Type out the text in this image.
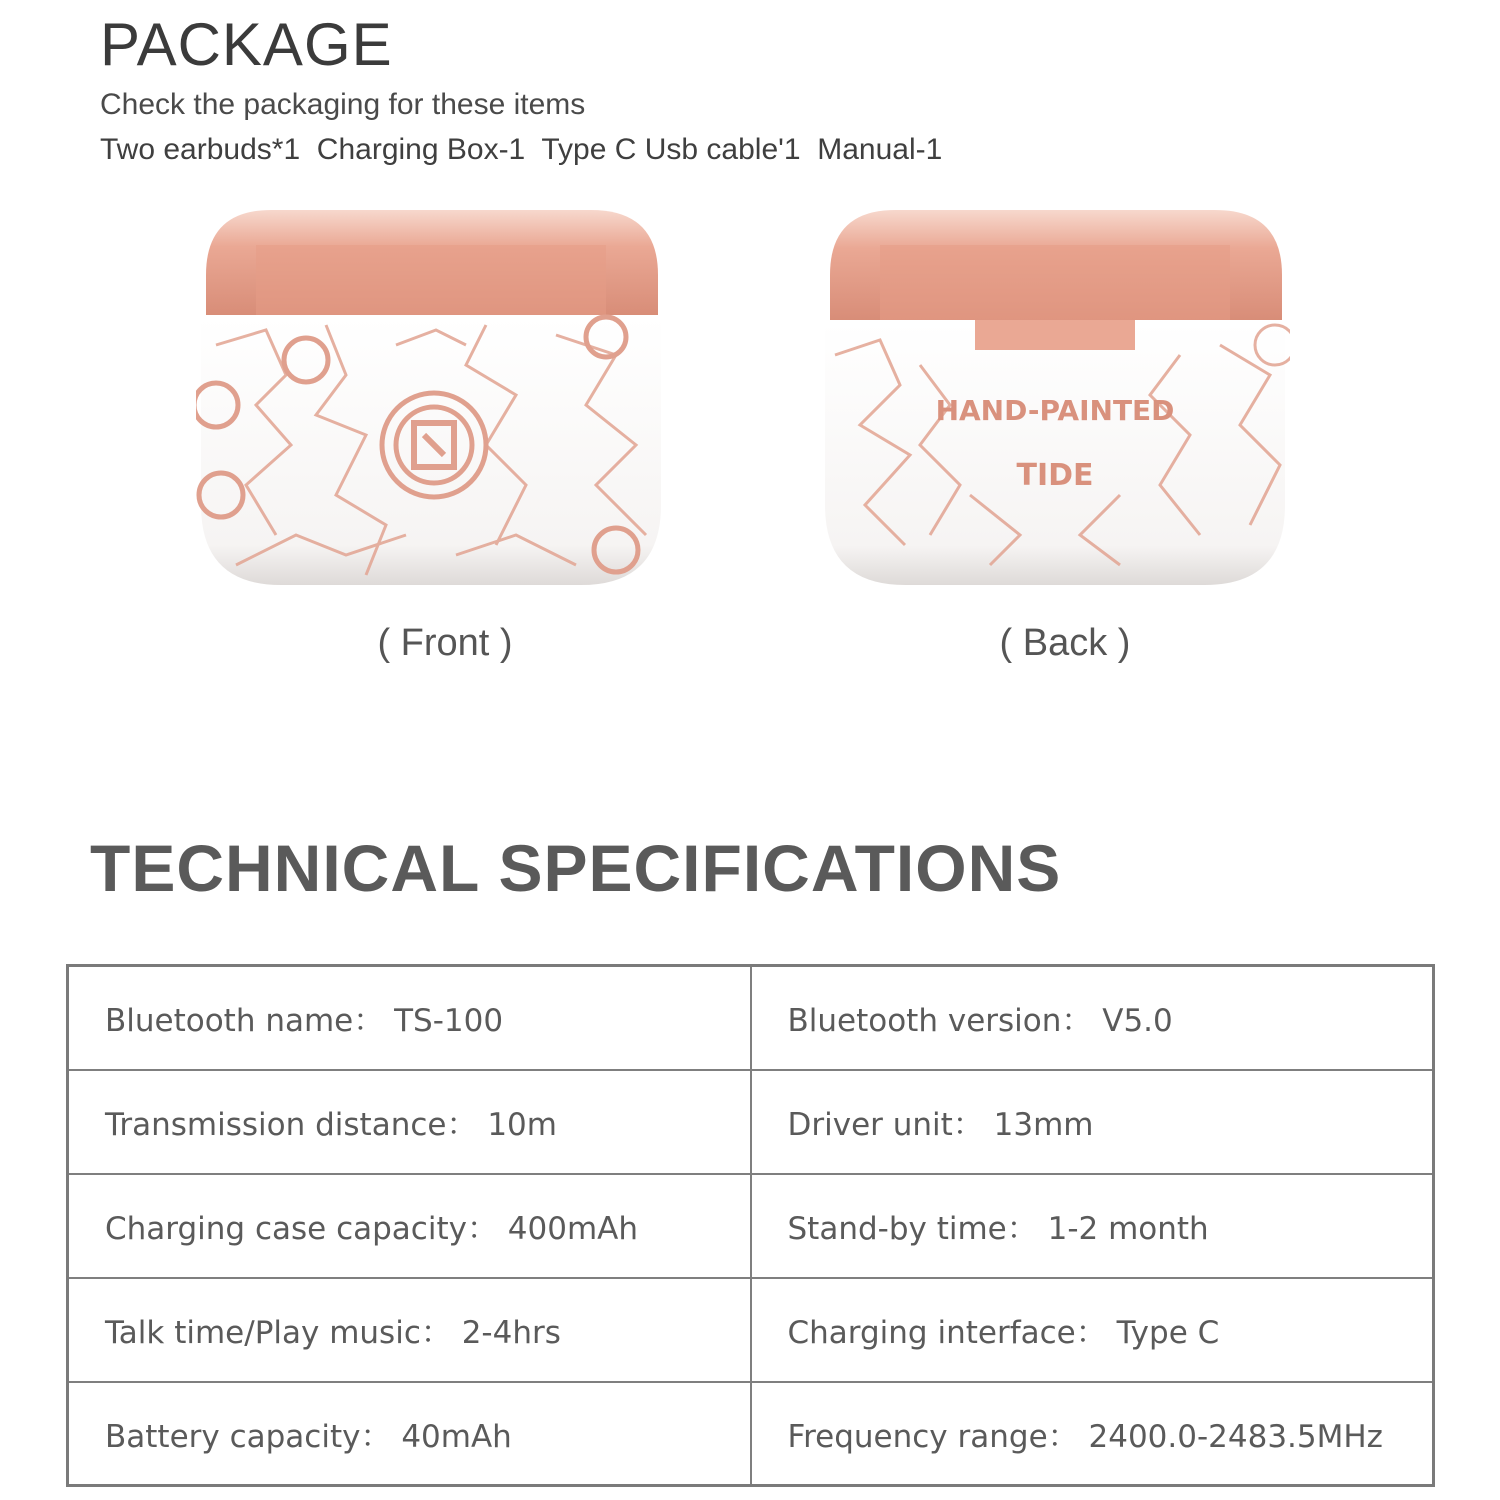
PACKAGE

Check the packaging for these items

Two earbuds*1  Charging Box-1  Type C Usb cable'1  Manual-1

HAND-PAINTED
TIDE
( Front )	( Back )
TECHNICAL SPECIFICATIONS
Bluetooth name： TS-100	Bluetooth version： V5.0
Transmission distance： 10m	Driver unit： 13mm
Charging case capacity： 400mAh	Stand-by time： 1-2 month
Talk time/Play music： 2-4hrs	Charging interface： Type C
Battery capacity： 40mAh	Frequency range： 2400.0-2483.5MHz
